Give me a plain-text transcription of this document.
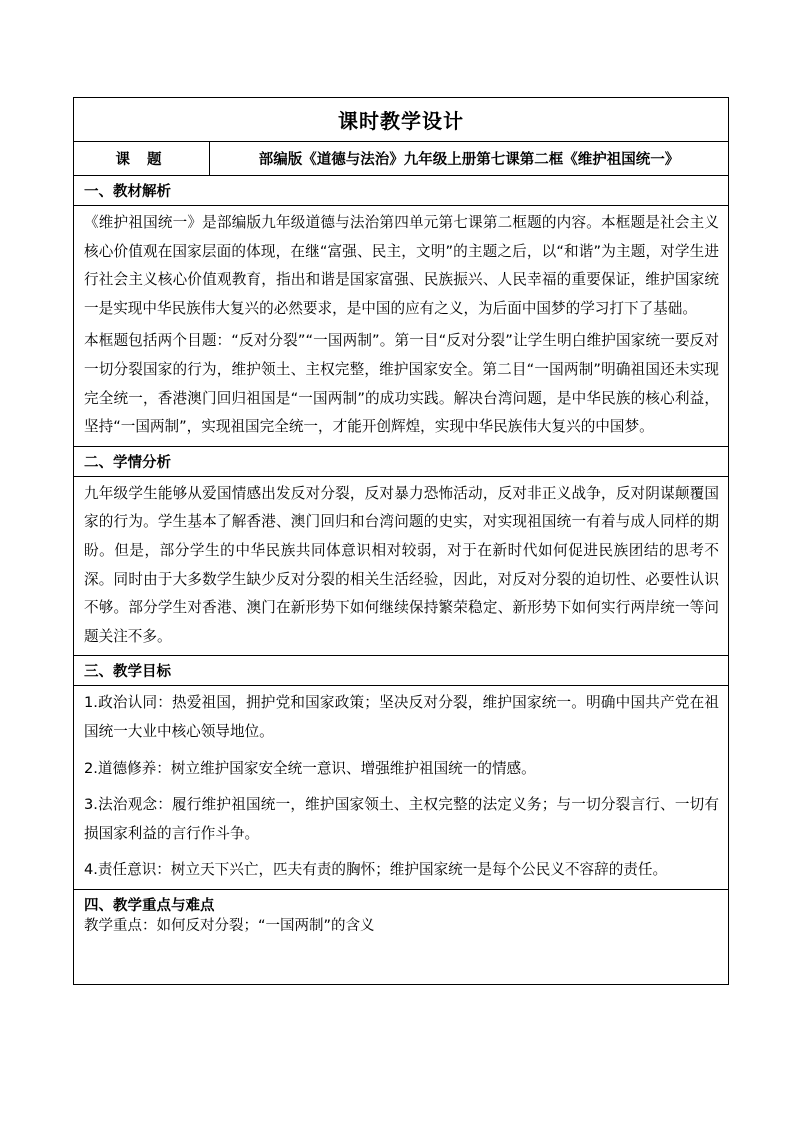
课时教学设计
课 题	部编版《道德与法治》九年级上册第七课第二框《维护祖国统一》
一、教材解析

《维护祖国统一》是部编版九年级道德与法治第四单元第七课第二框题的内容。本框题是社会主义核心价值观在国家层面的体现，在继“富强、民主，文明”的主题之后，以“和谐”为主题，对学生进行社会主义核心价值观教育，指出和谐是国家富强、民族振兴、人民幸福的重要保证，维护国家统一是实现中华民族伟大复兴的必然要求，是中国的应有之义，为后面中国梦的学习打下了基础。

本框题包括两个目题：“反对分裂”“一国两制”。第一目“反对分裂”让学生明白维护国家统一要反对一切分裂国家的行为，维护领土、主权完整，维护国家安全。第二目“一国两制”明确祖国还未实现完全统一，香港澳门回归祖国是“一国两制”的成功实践。解决台湾问题，是中华民族的核心利益，坚持“一国两制”，实现祖国完全统一，才能开创辉煌，实现中华民族伟大复兴的中国梦。

二、学情分析

九年级学生能够从爱国情感出发反对分裂，反对暴力恐怖活动，反对非正义战争，反对阴谋颠覆国家的行为。学生基本了解香港、澳门回归和台湾问题的史实，对实现祖国统一有着与成人同样的期盼。但是，部分学生的中华民族共同体意识相对较弱，对于在新时代如何促进民族团结的思考不深。同时由于大多数学生缺少反对分裂的相关生活经验，因此，对反对分裂的迫切性、必要性认识不够。部分学生对香港、澳门在新形势下如何继续保持繁荣稳定、新形势下如何实行两岸统一等问题关注不多。

三、教学目标

1.政治认同：热爱祖国，拥护党和国家政策；坚决反对分裂，维护国家统一。明确中国共产党在祖国统一大业中核心领导地位。

2.道德修养：树立维护国家安全统一意识、增强维护祖国统一的情感。

3.法治观念：履行维护祖国统一，维护国家领土、主权完整的法定义务；与一切分裂言行、一切有损国家利益的言行作斗争。

4.责任意识：树立天下兴亡，匹夫有责的胸怀；维护国家统一是每个公民义不容辞的责任。

四、教学重点与难点
教学重点：如何反对分裂；“一国两制”的含义
